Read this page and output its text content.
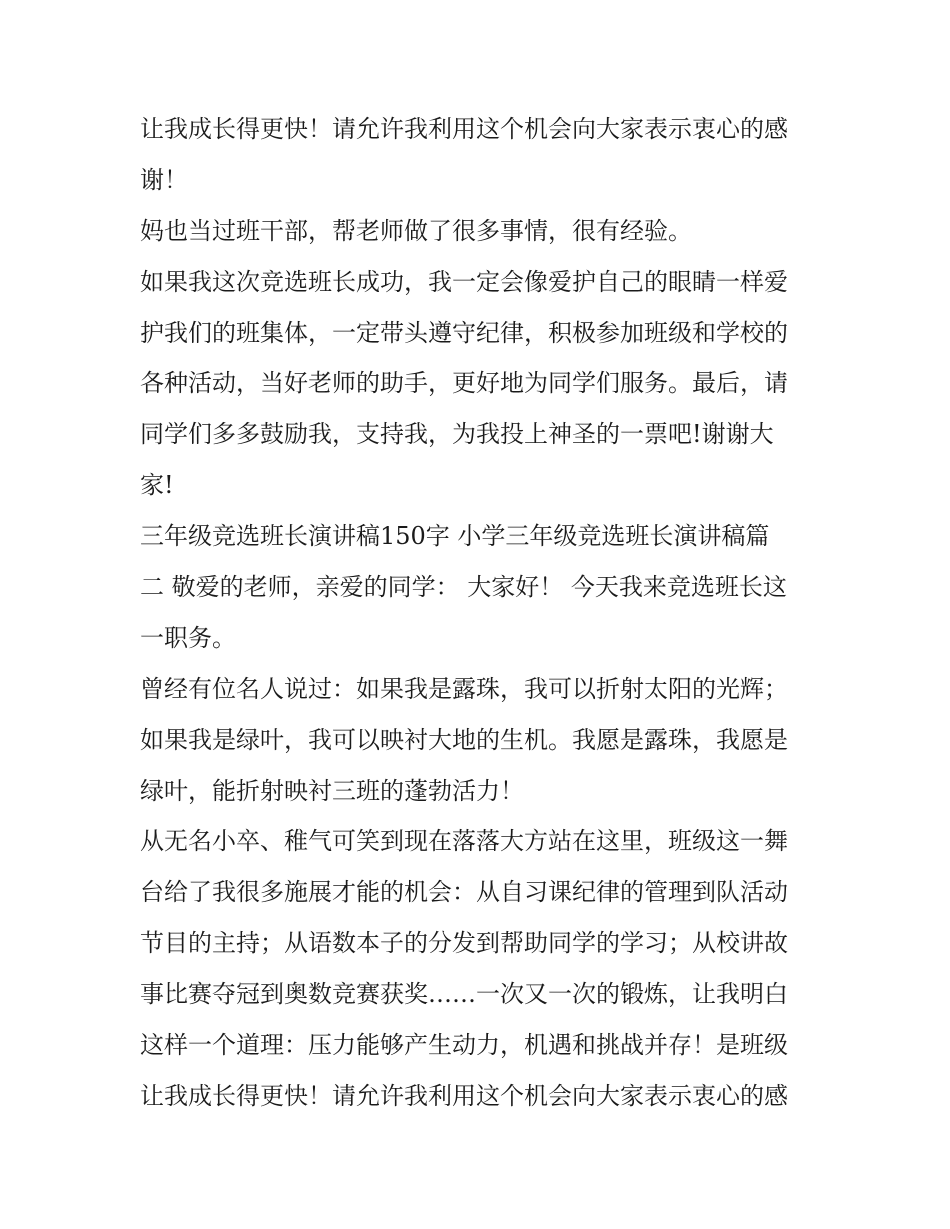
让我成长得更快！请允许我利用这个机会向大家表示衷心的感
谢！
妈也当过班干部，帮老师做了很多事情，很有经验。
如果我这次竞选班长成功，我一定会像爱护自己的眼睛一样爱
护我们的班集体，一定带头遵守纪律，积极参加班级和学校的
各种活动，当好老师的助手，更好地为同学们服务。最后，请
同学们多多鼓励我，支持我，为我投上神圣的一票吧!谢谢大
家!
三年级竞选班长演讲稿150字 小学三年级竞选班长演讲稿篇
二 敬爱的老师，亲爱的同学： 大家好！ 今天我来竞选班长这
一职务。
曾经有位名人说过：如果我是露珠，我可以折射太阳的光辉；
如果我是绿叶，我可以映衬大地的生机。我愿是露珠，我愿是
绿叶，能折射映衬三班的蓬勃活力！
从无名小卒、稚气可笑到现在落落大方站在这里，班级这一舞
台给了我很多施展才能的机会：从自习课纪律的管理到队活动
节目的主持；从语数本子的分发到帮助同学的学习；从校讲故
事比赛夺冠到奥数竞赛获奖……一次又一次的锻炼，让我明白
这样一个道理：压力能够产生动力，机遇和挑战并存！是班级
让我成长得更快！请允许我利用这个机会向大家表示衷心的感
